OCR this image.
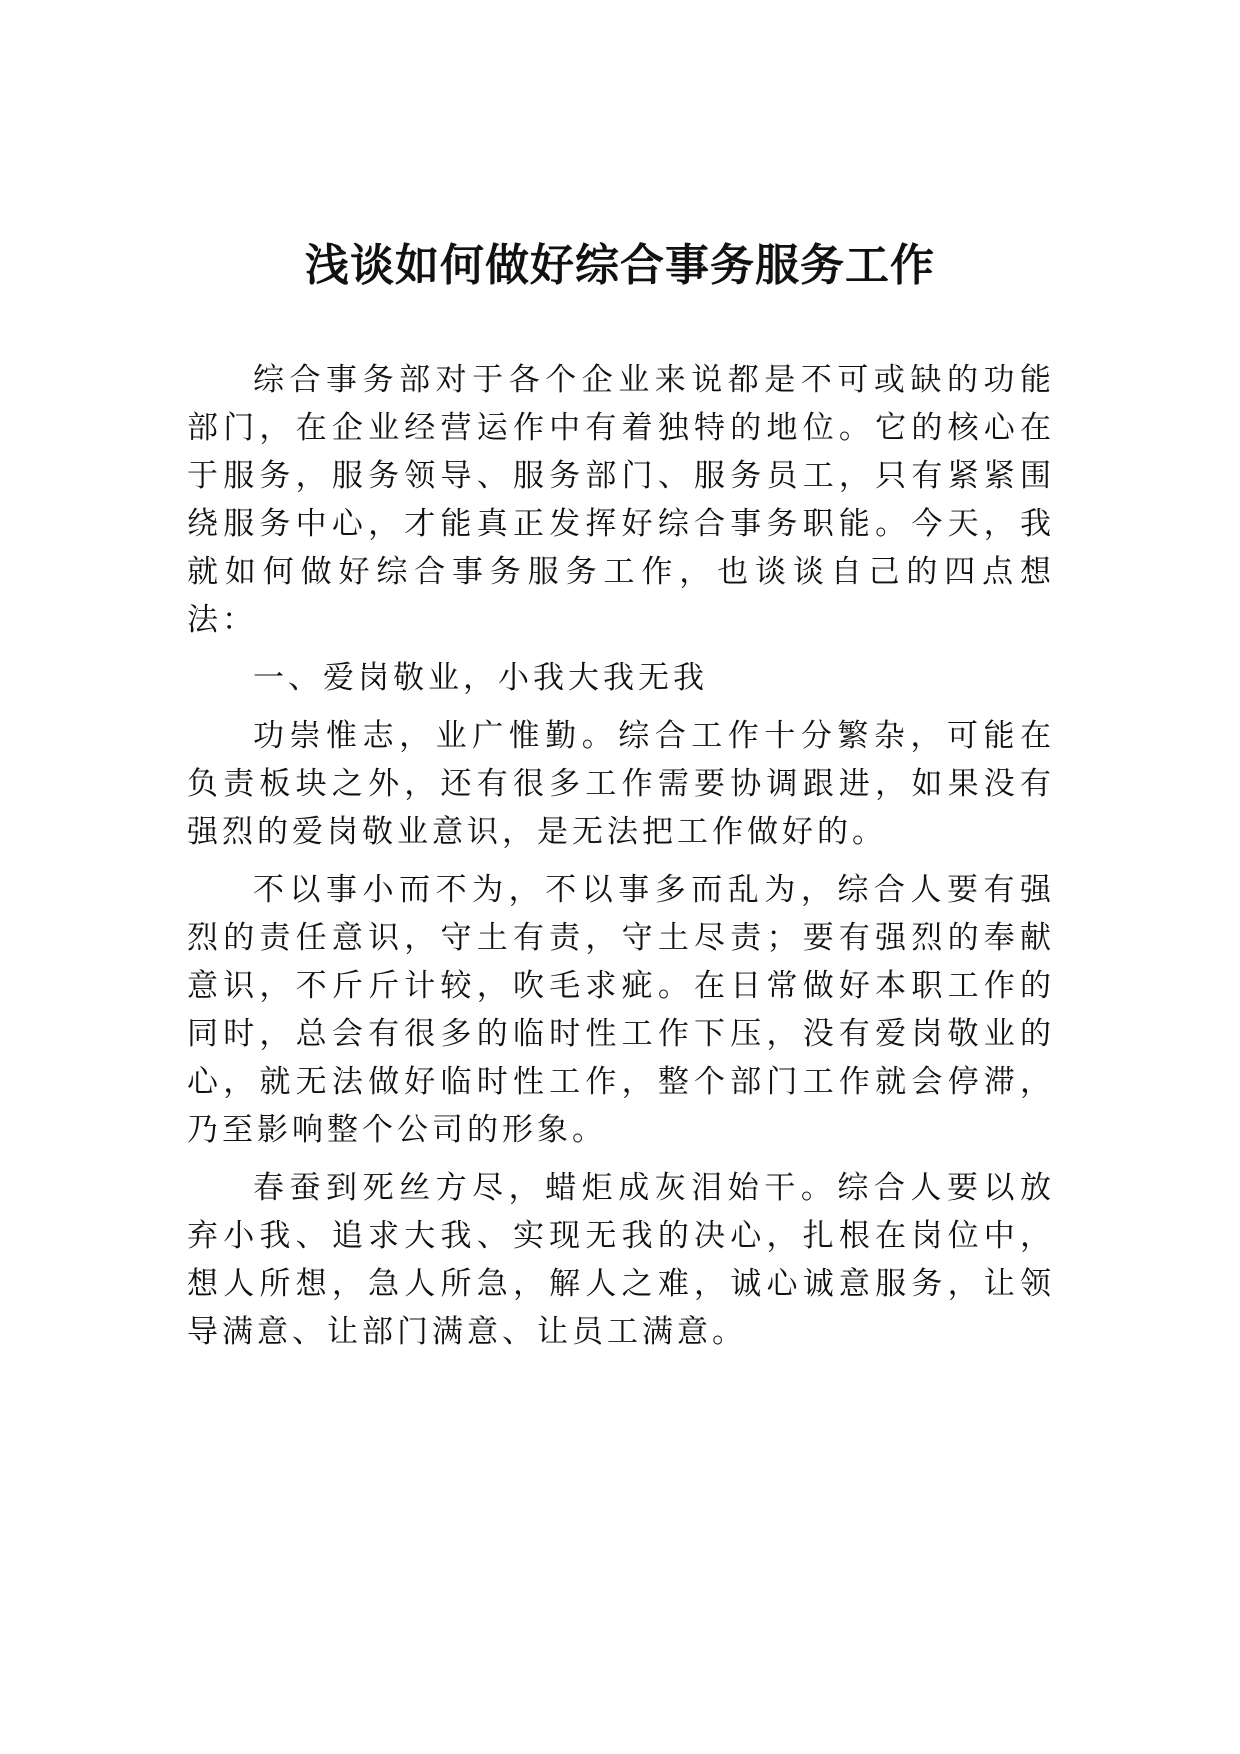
浅谈如何做好综合事务服务工作

综合事务部对于各个企业来说都是不可或缺的功能部门，在企业经营运作中有着独特的地位。它的核心在于服务，服务领导、服务部门、服务员工，只有紧紧围绕服务中心，才能真正发挥好综合事务职能。今天，我就如何做好综合事务服务工作，也谈谈自己的四点想法：

一、爱岗敬业，小我大我无我

功崇惟志，业广惟勤。综合工作十分繁杂，可能在负责板块之外，还有很多工作需要协调跟进，如果没有强烈的爱岗敬业意识，是无法把工作做好的。

不以事小而不为，不以事多而乱为，综合人要有强烈的责任意识，守土有责，守土尽责；要有强烈的奉献意识，不斤斤计较，吹毛求疵。在日常做好本职工作的同时，总会有很多的临时性工作下压，没有爱岗敬业的心，就无法做好临时性工作，整个部门工作就会停滞，乃至影响整个公司的形象。

春蚕到死丝方尽，蜡炬成灰泪始干。综合人要以放弃小我、追求大我、实现无我的决心，扎根在岗位中，想人所想，急人所急，解人之难，诚心诚意服务，让领导满意、让部门满意、让员工满意。
